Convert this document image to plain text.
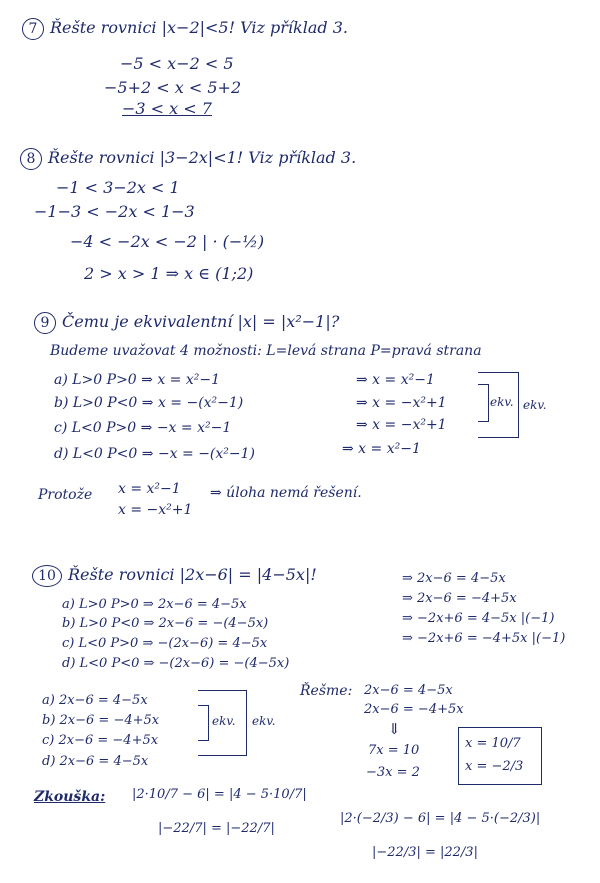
7 Řešte rovnici |x−2|<5! Viz příklad 3.
−5 < x−2 < 5
−5+2 < x < 5+2
−3 < x < 7
8 Řešte rovnici |3−2x|<1! Viz příklad 3.
−1 < 3−2x < 1
−1−3 < −2x < 1−3
−4 < −2x < −2 | · (−½)
2 > x > 1 ⇒ x ∈ (1;2)
9 Čemu je ekvivalentní |x| = |x²−1|?
Budeme uvažovat 4 možnosti: L=levá strana P=pravá strana
a) L>0 P>0 ⇒ x = x²−1
b) L>0 P<0 ⇒ x = −(x²−1)
c) L<0 P>0 ⇒ −x = x²−1
d) L<0 P<0 ⇒ −x = −(x²−1)
⇒ x = x²−1
⇒ x = −x²+1
⇒ x = −x²+1
⇒ x = x²−1
ekv. ekv.
Protože x = x²−1
x = −x²+1
⇒ úloha nemá řešení.
10 Řešte rovnici |2x−6| = |4−5x|!
a) L>0 P>0 ⇒ 2x−6 = 4−5x
b) L>0 P<0 ⇒ 2x−6 = −(4−5x)
c) L<0 P>0 ⇒ −(2x−6) = 4−5x
d) L<0 P<0 ⇒ −(2x−6) = −(4−5x)
⇒ 2x−6 = 4−5x
⇒ 2x−6 = −4+5x
⇒ −2x+6 = 4−5x |(−1)
⇒ −2x+6 = −4+5x |(−1)
a) 2x−6 = 4−5x
b) 2x−6 = −4+5x
c) 2x−6 = −4+5x
d) 2x−6 = 4−5x
ekv. ekv.
Řešme: 2x−6 = 4−5x
2x−6 = −4+5x
⇓
7x = 10
−3x = 2
x = 10/7
x = −2/3
Zkouška: |2·10/7 − 6| = |4 − 5·10/7|
|−22/7| = |−22/7|
|2·(−2/3) − 6| = |4 − 5·(−2/3)|
|−22/3| = |22/3|
